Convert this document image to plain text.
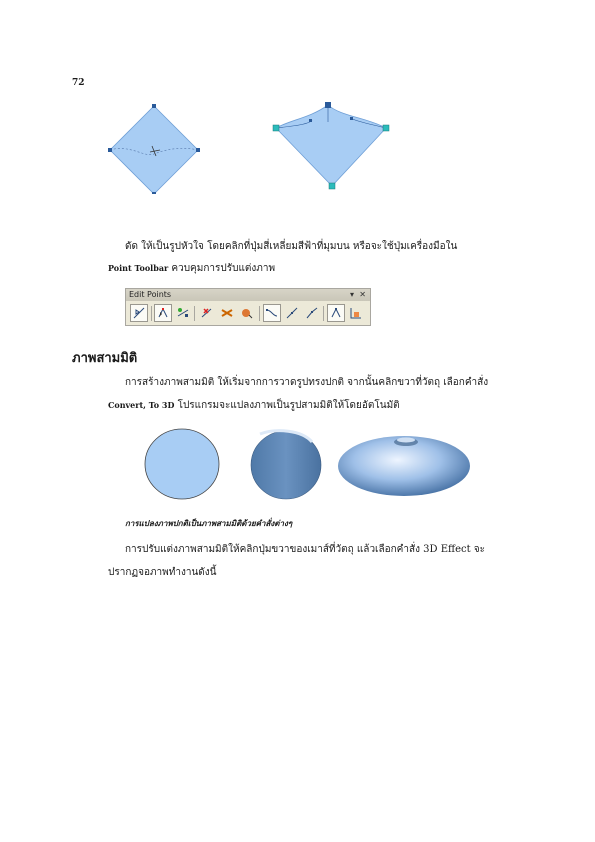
72
ดัด ให้เป็นรูปหัวใจ โดยคลิกที่ปุ่มสี่เหลี่ยมสีฟ้าที่มุมบน หรือจะใช้ปุ่มเครื่องมือใน
Point Toolbar ควบคุมการปรับแต่งภาพ
Edit Points	▾ ✕
ภาพสามมิติ
การสร้างภาพสามมิติ ให้เริ่มจากการวาดรูปทรงปกติ จากนั้นคลิกขวาที่วัตถุ เลือกคำสั่ง
Convert, To 3D โปรแกรมจะแปลงภาพเป็นรูปสามมิติให้โดยอัตโนมัติ
การแปลงภาพปกติเป็นภาพสามมิติด้วยคำสั่งต่างๆ
การปรับแต่งภาพสามมิติให้คลิกปุ่มขวาของเมาส์ที่วัตถุ แล้วเลือกคำสั่ง 3D Effect จะ
ปรากฏจอภาพทำงานดังนี้
